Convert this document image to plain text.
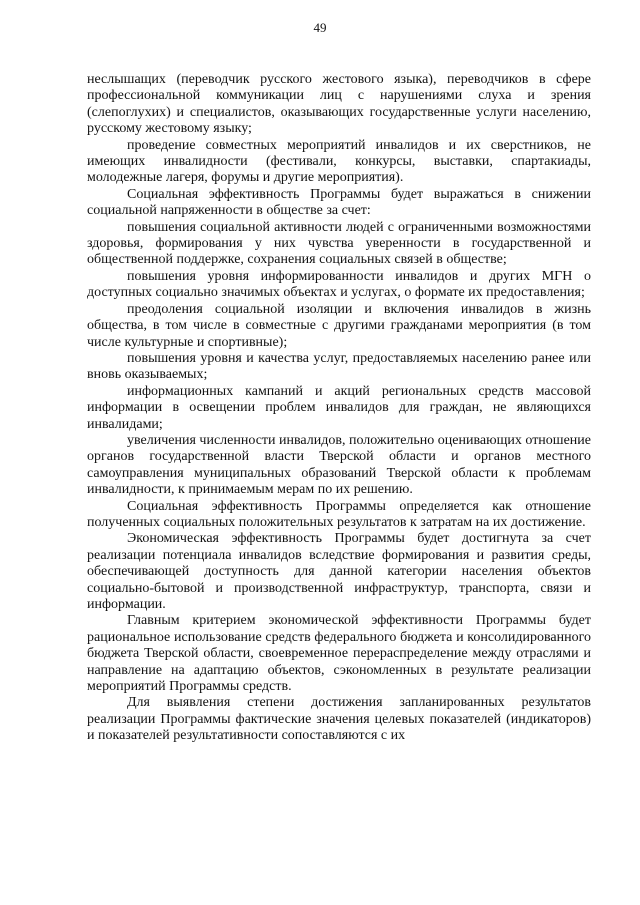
49

неслышащих (переводчик русского жестового языка), переводчиков в сфере профессиональной коммуникации лиц с нарушениями слуха и зрения (слепоглухих) и специалистов, оказывающих государственные услуги населению, русскому жестовому языку;

проведение совместных мероприятий инвалидов и их сверстников, не имеющих инвалидности (фестивали, конкурсы, выставки, спартакиады, молодежные лагеря, форумы и другие мероприятия).

Социальная эффективность Программы будет выражаться в снижении социальной напряженности в обществе за счет:

повышения социальной активности людей с ограниченными возможностями здоровья, формирования у них чувства уверенности в государственной и общественной поддержке, сохранения социальных связей в обществе;

повышения уровня информированности инвалидов и других МГН о доступных социально значимых объектах и услугах, о формате их предоставления;

преодоления социальной изоляции и включения инвалидов в жизнь общества, в том числе в совместные с другими гражданами мероприятия (в том числе культурные и спортивные);

повышения уровня и качества услуг, предоставляемых населению ранее или вновь оказываемых;

информационных кампаний и акций региональных средств массовой информации в освещении проблем инвалидов для граждан, не являющихся инвалидами;

увеличения численности инвалидов, положительно оценивающих отношение органов государственной власти Тверской области и органов местного самоуправления муниципальных образований Тверской области к проблемам инвалидности, к принимаемым мерам по их решению.

Социальная эффективность Программы определяется как отношение полученных социальных положительных результатов к затратам на их достижение.

Экономическая эффективность Программы будет достигнута за счет реализации потенциала инвалидов вследствие формирования и развития среды, обеспечивающей доступность для данной категории населения объектов социально-бытовой и производственной инфраструктур, транспорта, связи и информации.

Главным критерием экономической эффективности Программы будет рациональное использование средств федерального бюджета и консолидированного бюджета Тверской области, своевременное перераспределение между отраслями и направление на адаптацию объектов, сэкономленных в результате реализации мероприятий Программы средств.

Для выявления степени достижения запланированных результатов реализации Программы фактические значения целевых показателей (индикаторов) и показателей результативности сопоставляются с их
